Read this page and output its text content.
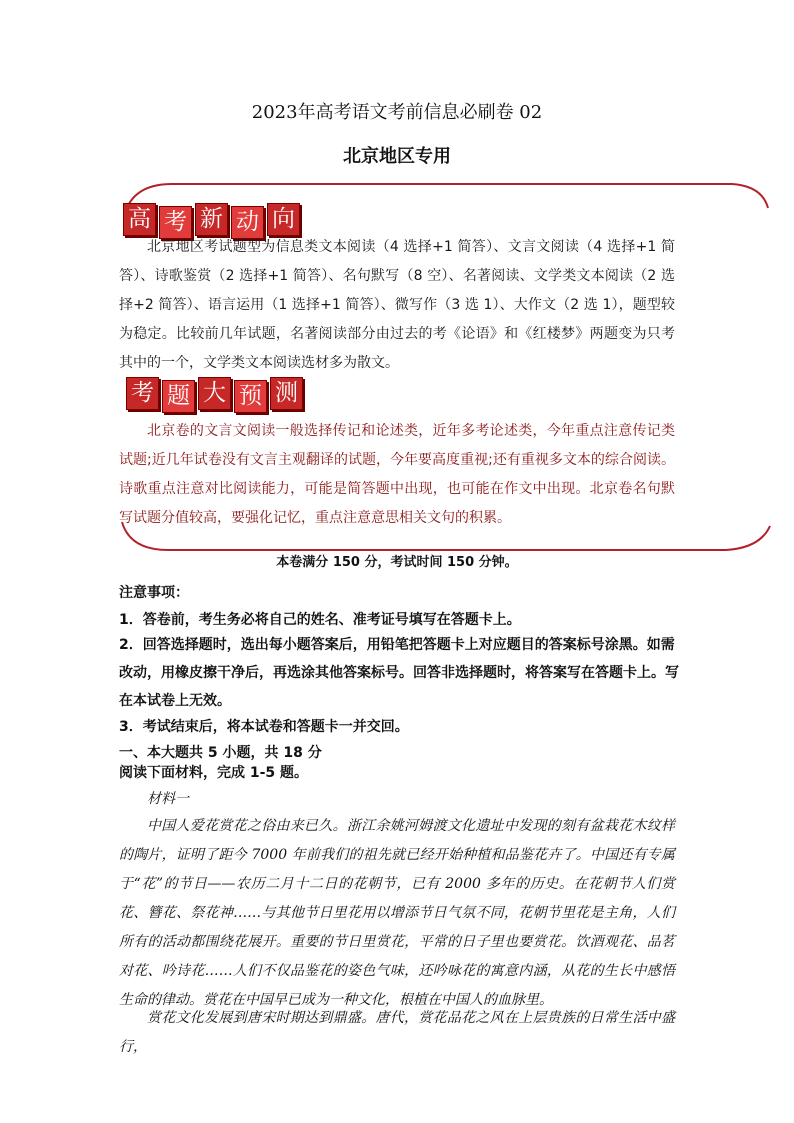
2023年高考语文考前信息必刷卷 02
北京地区专用
高 考 新 动 向
北京地区考试题型为信息类文本阅读（4 选择+1 简答）、文言文阅读（4 选择+1 简答）、诗歌鉴赏（2 选择+1 简答）、名句默写（8 空）、名著阅读、文学类文本阅读（2 选择+2 简答）、语言运用（1 选择+1 简答）、微写作（3 选 1）、大作文（2 选 1），题型较为稳定。比较前几年试题，名著阅读部分由过去的考《论语》和《红楼梦》两题变为只考其中的一个，文学类文本阅读选材多为散文。
考 题 大 预 测
北京卷的文言文阅读一般选择传记和论述类，近年多考论述类，今年重点注意传记类试题;近几年试卷没有文言主观翻译的试题，今年要高度重视;还有重视多文本的综合阅读。诗歌重点注意对比阅读能力，可能是简答题中出现，也可能在作文中出现。北京卷名句默写试题分值较高，要强化记忆，重点注意意思相关文句的积累。
本卷满分 150 分，考试时间 150 分钟。
注意事项：
1．答卷前，考生务必将自己的姓名、准考证号填写在答题卡上。
2．回答选择题时，选出每小题答案后，用铅笔把答题卡上对应题目的答案标号涂黑。如需改动，用橡皮擦干净后，再选涂其他答案标号。回答非选择题时，将答案写在答题卡上。写在本试卷上无效。
3．考试结束后，将本试卷和答题卡一并交回。
一、本大题共 5 小题，共 18 分
阅读下面材料，完成 1-5 题。
材料一
中国人爱花赏花之俗由来已久。浙江余姚河姆渡文化遗址中发现的刻有盆栽花木纹样的陶片，证明了距今 7000 年前我们的祖先就已经开始种植和品鉴花卉了。中国还有专属于“花”的节日——农历二月十二日的花朝节，已有 2000 多年的历史。在花朝节人们赏花、簪花、祭花神……与其他节日里花用以增添节日气氛不同，花朝节里花是主角，人们所有的活动都围绕花展开。重要的节日里赏花，平常的日子里也要赏花。饮酒观花、品茗对花、吟诗花……人们不仅品鉴花的姿色气味，还吟咏花的寓意内涵，从花的生长中感悟生命的律动。赏花在中国早已成为一种文化，根植在中国人的血脉里。
赏花文化发展到唐宋时期达到鼎盛。唐代，赏花品花之风在上层贵族的日常生活中盛行，
